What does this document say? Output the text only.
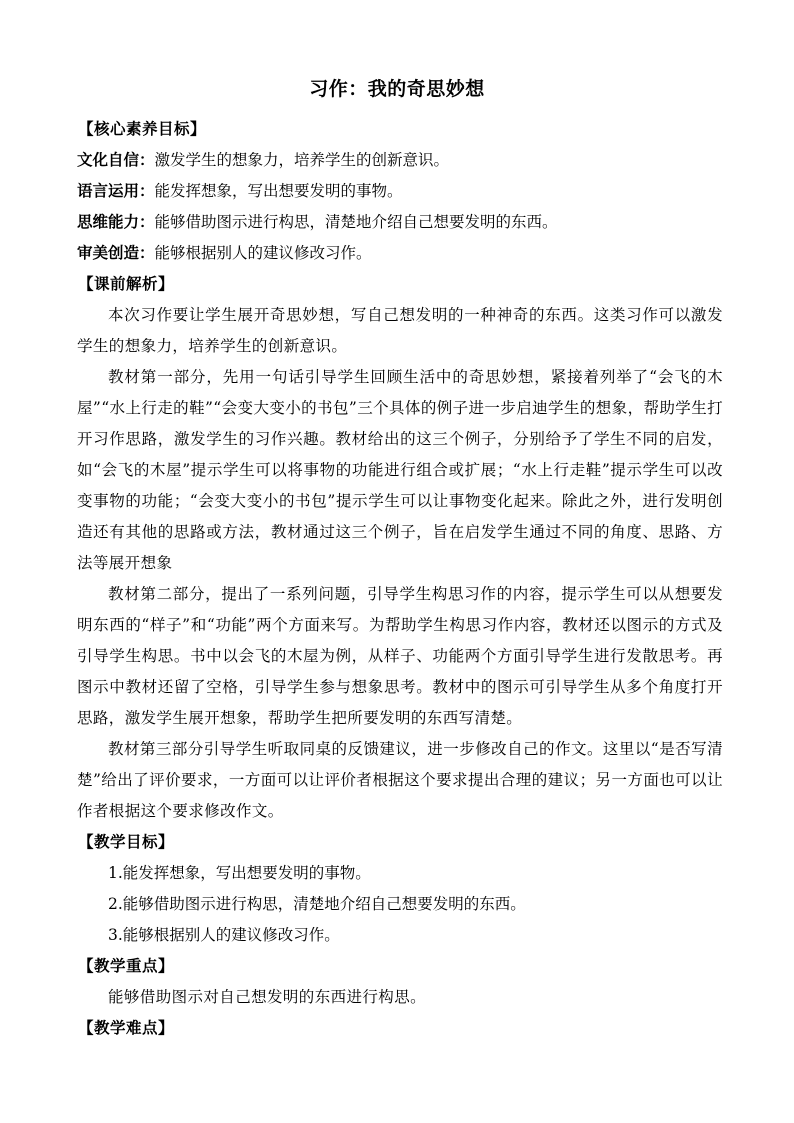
习作：我的奇思妙想
【核心素养目标】
文化自信：激发学生的想象力，培养学生的创新意识。
语言运用：能发挥想象，写出想要发明的事物。
思维能力：能够借助图示进行构思，清楚地介绍自己想要发明的东西。
审美创造：能够根据别人的建议修改习作。
【课前解析】

本次习作要让学生展开奇思妙想，写自己想发明的一种神奇的东西。这类习作可以激发学生的想象力，培养学生的创新意识。

教材第一部分，先用一句话引导学生回顾生活中的奇思妙想，紧接着列举了“会飞的木屋”“水上行走的鞋”“会变大变小的书包”三个具体的例子进一步启迪学生的想象，帮助学生打开习作思路，激发学生的习作兴趣。教材给出的这三个例子，分别给予了学生不同的启发，如“会飞的木屋”提示学生可以将事物的功能进行组合或扩展；“水上行走鞋”提示学生可以改变事物的功能；“会变大变小的书包”提示学生可以让事物变化起来。除此之外，进行发明创造还有其他的思路或方法，教材通过这三个例子，旨在启发学生通过不同的角度、思路、方法等展开想象

教材第二部分，提出了一系列问题，引导学生构思习作的内容，提示学生可以从想要发明东西的“样子”和“功能”两个方面来写。为帮助学生构思习作内容，教材还以图示的方式及引导学生构思。书中以会飞的木屋为例，从样子、功能两个方面引导学生进行发散思考。再图示中教材还留了空格，引导学生参与想象思考。教材中的图示可引导学生从多个角度打开思路，激发学生展开想象，帮助学生把所要发明的东西写清楚。

教材第三部分引导学生听取同桌的反馈建议，进一步修改自己的作文。这里以“是否写清楚”给出了评价要求，一方面可以让评价者根据这个要求提出合理的建议；另一方面也可以让作者根据这个要求修改作文。

【教学目标】
1.能发挥想象，写出想要发明的事物。
2.能够借助图示进行构思，清楚地介绍自己想要发明的东西。
3.能够根据别人的建议修改习作。
【教学重点】

能够借助图示对自己想发明的东西进行构思。

【教学难点】
